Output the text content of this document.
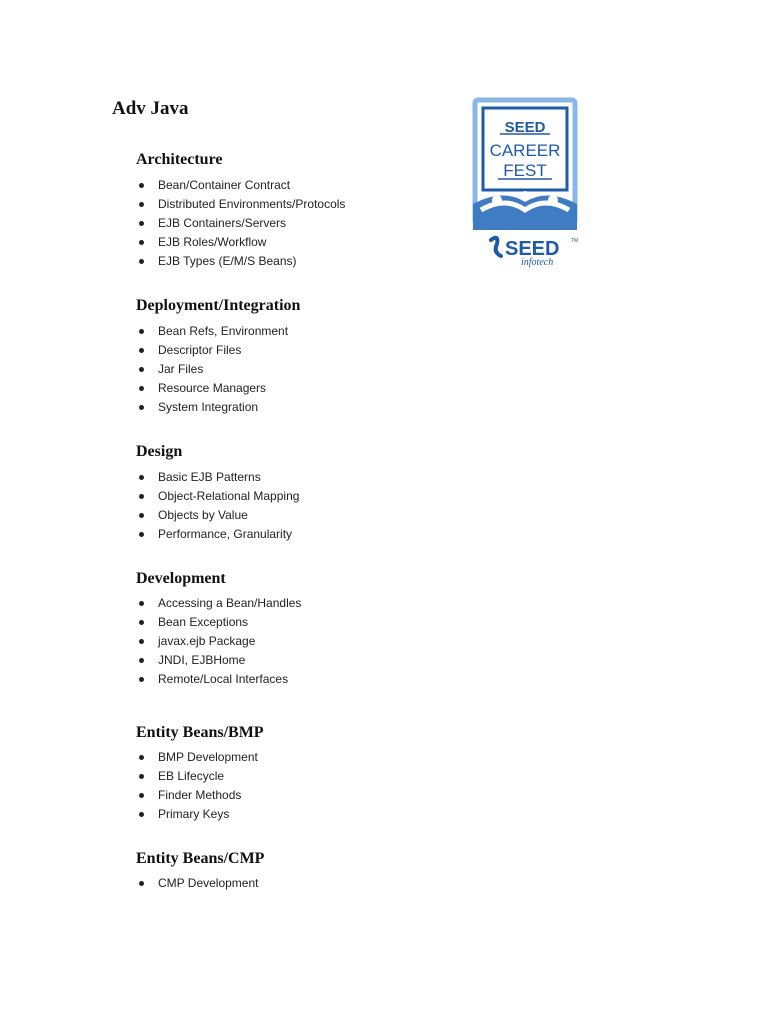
Adv Java
Architecture
Bean/Container Contract
Distributed Environments/Protocols
EJB Containers/Servers
EJB Roles/Workflow
EJB Types (E/M/S Beans)
Deployment/Integration
Bean Refs, Environment
Descriptor Files
Jar Files
Resource Managers
System Integration
Design
Basic EJB Patterns
Object-Relational Mapping
Objects by Value
Performance, Granularity
Development
Accessing a Bean/Handles
Bean Exceptions
javax.ejb Package
JNDI, EJBHome
Remote/Local Interfaces
Entity Beans/BMP
BMP Development
EB Lifecycle
Finder Methods
Primary Keys
Entity Beans/CMP
CMP Development
SEED
CAREER
FEST
SEED TM
infotech
